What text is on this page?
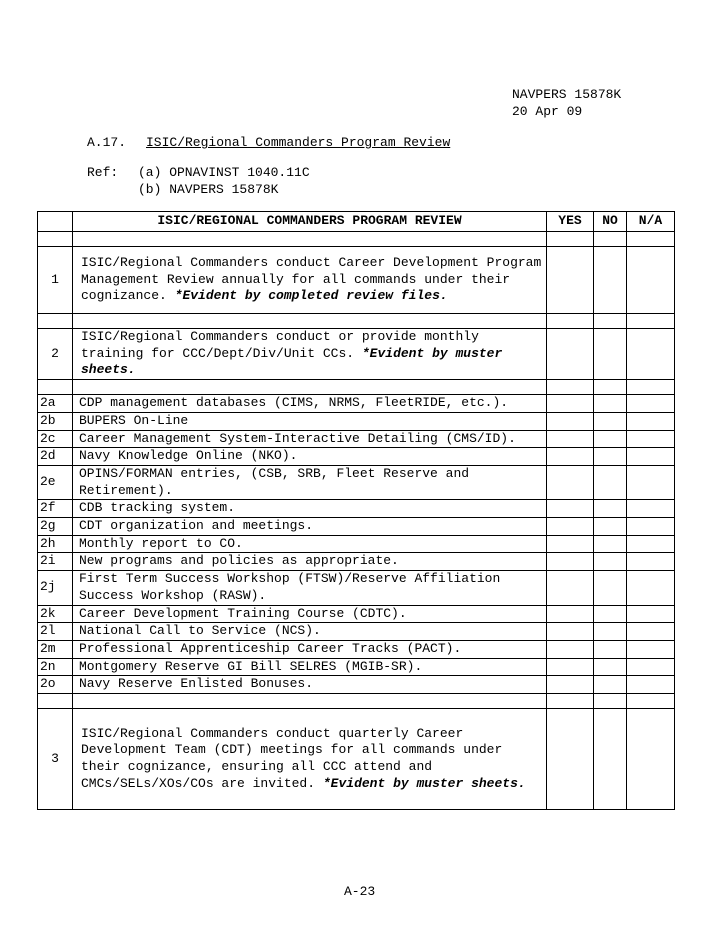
NAVPERS 15878K
20 Apr 09
A.17. ISIC/Regional Commanders Program Review
Ref: (a) OPNAVINST 1040.11C
(b) NAVPERS 15878K
	ISIC/REGIONAL COMMANDERS PROGRAM REVIEW	YES	NO	N/A

1	ISIC/Regional Commanders conduct Career Development Program Management Review annually for all commands under their cognizance. *Evident by completed review files.			

2	ISIC/Regional Commanders conduct or provide monthly training for CCC/Dept/Div/Unit CCs. *Evident by muster sheets.			

2a	CDP management databases (CIMS, NRMS, FleetRIDE, etc.).			
2b	BUPERS On-Line			
2c	Career Management System-Interactive Detailing (CMS/ID).			
2d	Navy Knowledge Online (NKO).			
2e	OPINS/FORMAN entries, (CSB, SRB, Fleet Reserve and Retirement).			
2f	CDB tracking system.			
2g	CDT organization and meetings.			
2h	Monthly report to CO.			
2i	New programs and policies as appropriate.			
2j	First Term Success Workshop (FTSW)/Reserve Affiliation Success Workshop (RASW).			
2k	Career Development Training Course (CDTC).			
2l	National Call to Service (NCS).			
2m	Professional Apprenticeship Career Tracks (PACT).			
2n	Montgomery Reserve GI Bill SELRES (MGIB-SR).			
2o	Navy Reserve Enlisted Bonuses.			

3	ISIC/Regional Commanders conduct quarterly Career Development Team (CDT) meetings for all commands under their cognizance, ensuring all CCC attend and CMCs/SELs/XOs/COs are invited. *Evident by muster sheets.			
A-23
